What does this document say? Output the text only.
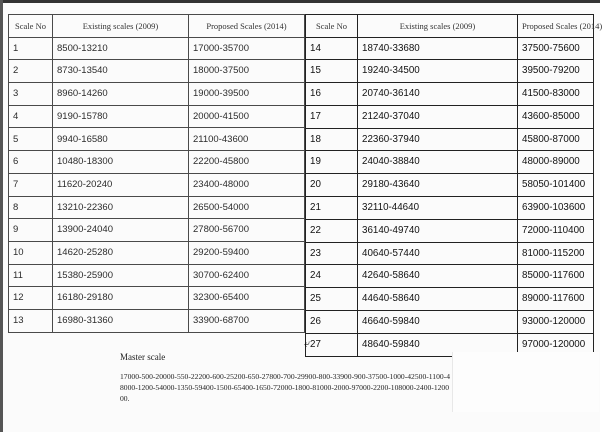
Scale No	Existing scales (2009)	Proposed Scales (2014)
1	8500-13210	17000-35700
2	8730-13540	18000-37500
3	8960-14260	19000-39500
4	9190-15780	20000-41500
5	9940-16580	21100-43600
6	10480-18300	22200-45800
7	11620-20240	23400-48000
8	13210-22360	26500-54000
9	13900-24040	27800-56700
10	14620-25280	29200-59400
11	15380-25900	30700-62400
12	16180-29180	32300-65400
13	16980-31360	33900-68700
Scale No	Existing scales (2009)	Proposed Scales (2014)
14	18740-33680	37500-75600
15	19240-34500	39500-79200
16	20740-36140	41500-83000
17	21240-37040	43600-85000
18	22360-37940	45800-87000
19	24040-38840	48000-89000
20	29180-43640	58050-101400
21	32110-44640	63900-103600
22	36140-49740	72000-110400
23	40640-57440	81000-115200
24	42640-58640	85000-117600
25	44640-58640	89000-117600
26	46640-59840	93000-120000
27	48640-59840	97000-120000
⤶
Master scale
17000-500-20000-550-22200-600-25200-650-27800-700-29900-800-33900-900-37500-1000-42500-1100-48000-1200-54000-1350-59400-1500-65400-1650-72000-1800-81000-2000-97000-2200-108000-2400-120000.
